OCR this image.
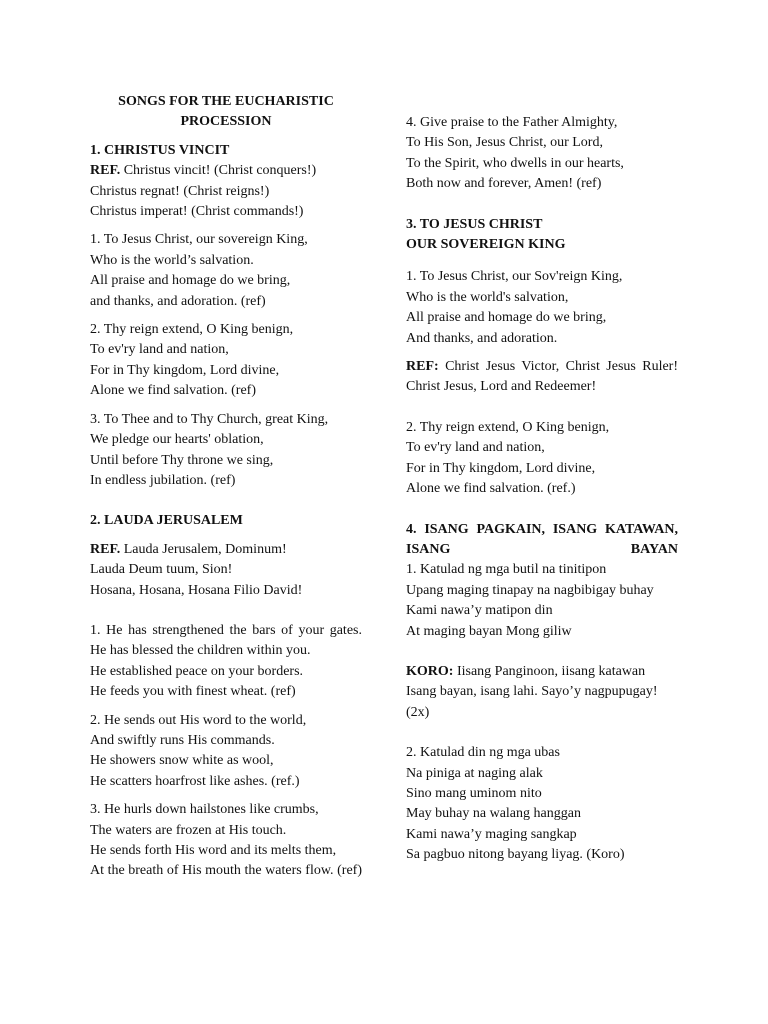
SONGS FOR THE EUCHARISTIC
PROCESSION
1. CHRISTUS VINCIT
REF. Christus vincit! (Christ conquers!)
Christus regnat! (Christ reigns!)
Christus imperat! (Christ commands!)
1. To Jesus Christ, our sovereign King,
Who is the world’s salvation.
All praise and homage do we bring,
and thanks, and adoration. (ref)
2. Thy reign extend, O King benign,
To ev'ry land and nation,
For in Thy kingdom, Lord divine,
Alone we find salvation. (ref)
3. To Thee and to Thy Church, great King,
We pledge our hearts' oblation,
Until before Thy throne we sing,
In endless jubilation. (ref)
2. LAUDA JERUSALEM
REF. Lauda Jerusalem, Dominum!
Lauda Deum tuum, Sion!
Hosana, Hosana, Hosana Filio David!
1. He has strengthened the bars of your gates.
He has blessed the children within you.
He established peace on your borders.
He feeds you with finest wheat. (ref)
2. He sends out His word to the world,
And swiftly runs His commands.
He showers snow white as wool,
He scatters hoarfrost like ashes. (ref.)
3. He hurls down hailstones like crumbs,
The waters are frozen at His touch.
He sends forth His word and its melts them,
At the breath of His mouth the waters flow. (ref)
4. Give praise to the Father Almighty,
To His Son, Jesus Christ, our Lord,
To the Spirit, who dwells in our hearts,
Both now and forever, Amen! (ref)
3. TO JESUS CHRIST
OUR SOVEREIGN KING
1. To Jesus Christ, our Sov'reign King,
Who is the world's salvation,
All praise and homage do we bring,
And thanks, and adoration.
REF: Christ Jesus Victor, Christ Jesus Ruler!
Christ Jesus, Lord and Redeemer!
2. Thy reign extend, O King benign,
To ev'ry land and nation,
For in Thy kingdom, Lord divine,
Alone we find salvation. (ref.)
4. ISANG PAGKAIN, ISANG KATAWAN, ISANG BAYAN
1. Katulad ng mga butil na tinitipon
Upang maging tinapay na nagbibigay buhay
Kami nawa’y matipon din
At maging bayan Mong giliw
KORO: Iisang Panginoon, iisang katawan
Isang bayan, isang lahi. Sayo’y nagpupugay! (2x)
2. Katulad din ng mga ubas
Na piniga at naging alak
Sino mang uminom nito
May buhay na walang hanggan
Kami nawa’y maging sangkap
Sa pagbuo nitong bayang liyag. (Koro)
